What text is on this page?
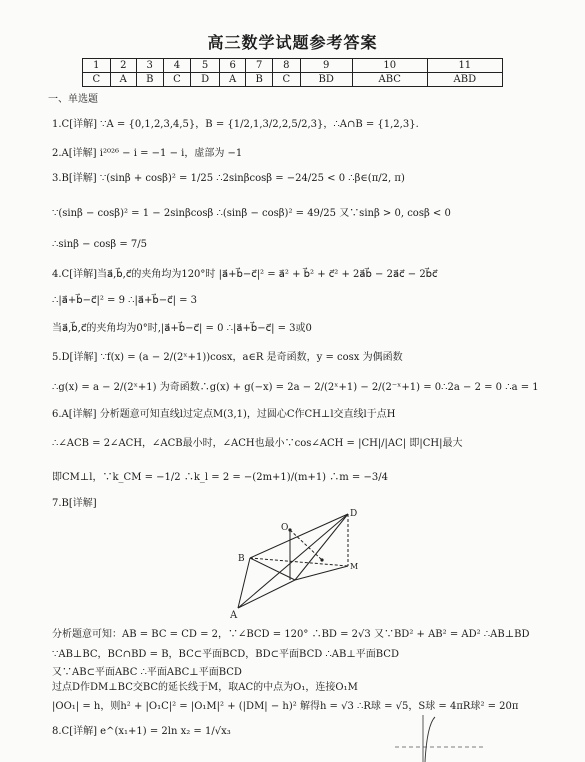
高三数学试题参考答案
1	2	3	4	5	6	7	8	9	10	11
C	A	B	C	D	A	B	C	BD	ABC	ABD
一、单选题
1.C[详解] ∵A = {0,1,2,3,4,5}，B = {1/2,1,3/2,2,5/2,3}，∴A∩B = {1,2,3}.
2.A[详解] i²⁰²⁶ − i = −1 − i，虚部为 −1
3.B[详解] ∵(sinβ + cosβ)² = 1/25 ∴2sinβcosβ = −24/25 < 0 ∴β∈(π/2, π)
∵(sinβ − cosβ)² = 1 − 2sinβcosβ ∴(sinβ − cosβ)² = 49/25 又∵sinβ > 0, cosβ < 0
∴sinβ − cosβ = 7/5
4.C[详解]当a⃗,b⃗,c⃗的夹角均为120°时 |a⃗+b⃗−c⃗|² = a⃗² + b⃗² + c⃗² + 2a⃗b⃗ − 2a⃗c⃗ − 2b⃗c⃗
∴|a⃗+b⃗−c⃗|² = 9 ∴|a⃗+b⃗−c⃗| = 3
当a⃗,b⃗,c⃗的夹角均为0°时,|a⃗+b⃗−c⃗| = 0 ∴|a⃗+b⃗−c⃗| = 3或0
5.D[详解] ∵f(x) = (a − 2/(2ˣ+1))cosx，a∈R 是奇函数，y = cosx 为偶函数
∴g(x) = a − 2/(2ˣ+1) 为奇函数∴g(x) + g(−x) = 2a − 2/(2ˣ+1) − 2/(2⁻ˣ+1) = 0∴2a − 2 = 0 ∴a = 1
6.A[详解] 分析题意可知直线l过定点M(3,1)，过圆心C作CH⊥l交直线l于点H
∴∠ACB = 2∠ACH，∠ACB最小时，∠ACH也最小∵cos∠ACH = |CH|/|AC| 即|CH|最大
即CM⊥l，∵k_CM = −1/2 ∴k_l = 2 = −(2m+1)/(m+1) ∴m = −3/4
7.B[详解]
A
B
D
O
M
分析题意可知：AB = BC = CD = 2，∵∠BCD = 120° ∴BD = 2√3 又∵BD² + AB² = AD² ∴AB⊥BD
∵AB⊥BC，BC∩BD = B，BC⊂平面BCD，BD⊂平面BCD ∴AB⊥平面BCD
又∵AB⊂平面ABC ∴平面ABC⊥平面BCD
过点D作DM⊥BC交BC的延长线于M，取AC的中点为O₁，连接O₁M
|OO₁| = h，则h² + |O₁C|² = |O₁M|² + (|DM| − h)² 解得h = √3 ∴R球 = √5，S球 = 4πR球² = 20π
8.C[详解] e^(x₁+1) = 2ln x₂ = 1/√x₃
